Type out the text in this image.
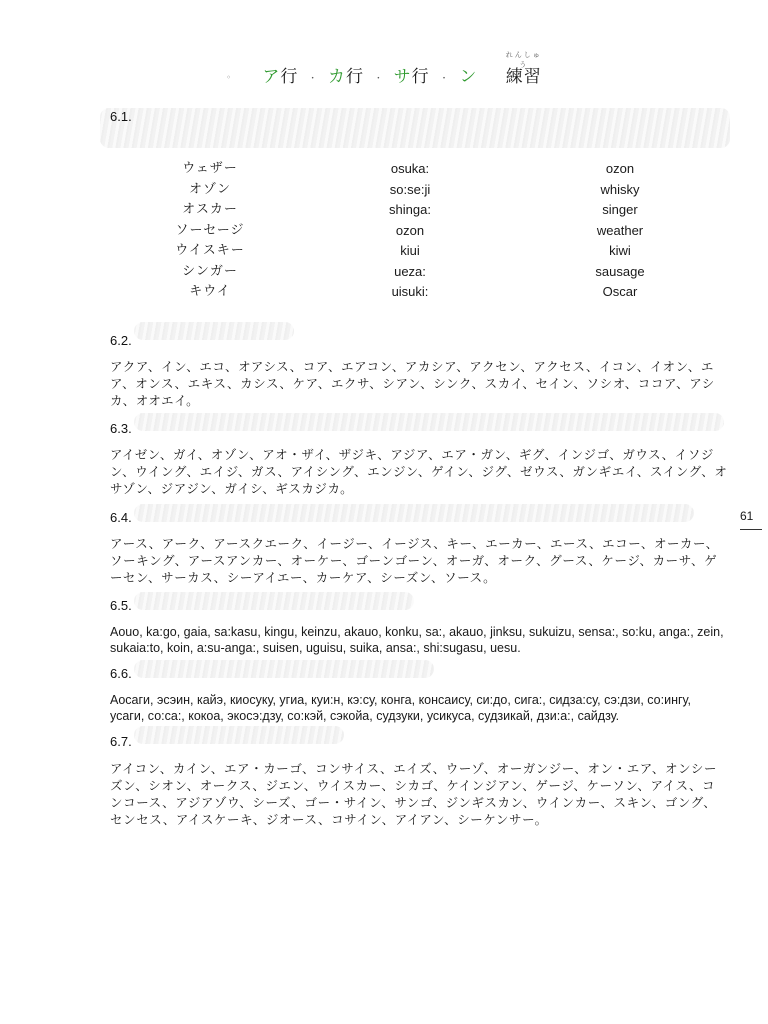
◦ ア行 · カ行 · サ行 · ン
れんしゅう
練習
61
6.1.
ウェザー	osuka:	ozon
オゾン	so:se:ji	whisky
オスカー	shinga:	singer
ソーセージ	ozon	weather
ウイスキー	kiui	kiwi
シンガー	ueza:	sausage
キウイ	uisuki:	Oscar
6.2.
アクア、イン、エコ、オアシス、コア、エアコン、アカシア、アクセン、アクセス、イコン、イオン、エア、オンス、エキス、カシス、ケア、エクサ、シアン、シンク、スカイ、セイン、ソシオ、ココア、アシカ、オオエイ。
6.3.
アイゼン、ガイ、オゾン、アオ・ザイ、ザジキ、アジア、エア・ガン、ギグ、インジゴ、ガウス、イソジン、ウイング、エイジ、ガス、アイシング、エンジン、ゲイン、ジグ、ゼウス、ガンギエイ、スイング、オサゾン、ジアジン、ガイシ、ギスカジカ。
6.4.
アース、アーク、アースクエーク、イージー、イージス、キー、エーカー、エース、エコー、オーカー、ソーキング、アースアンカー、オーケー、ゴーンゴーン、オーガ、オーク、グース、ケージ、カーサ、ゲーセン、サーカス、シーアイエー、カーケア、シーズン、ソース。
6.5.
Aouo, ka:go, gaia, sa:kasu, kingu, keinzu, akauo, konku, sa:, akauo, jinksu, sukuizu, sensa:, so:ku, anga:, zein, sukaia:to, koin, a:su-anga:, suisen, uguisu, suika, ansa:, shi:sugasu, uesu.
6.6.
Аосаги, эсэин, кайэ, киосуку, угиа, куи:н, кэ:су, конга, консаису, си:до, сига:, сидза:су, сэ:дзи, со:ингу, усаги, со:са:, кокоа, экосэ:дзу, со:кэй, сэкойа, судзуки, усикуса, судзикай, дзи:а:, сайдзу.
6.7.
アイコン、カイン、エア・カーゴ、コンサイス、エイズ、ウーゾ、オーガンジー、オン・エア、オンシーズン、シオン、オークス、ジエン、ウイスカー、シカゴ、ケインジアン、ゲージ、ケーソン、アイス、コンコース、アジアゾウ、シーズ、ゴー・サイン、サンゴ、ジンギスカン、ウインカー、スキン、ゴング、センセス、アイスケーキ、ジオース、コサイン、アイアン、シーケンサー。
